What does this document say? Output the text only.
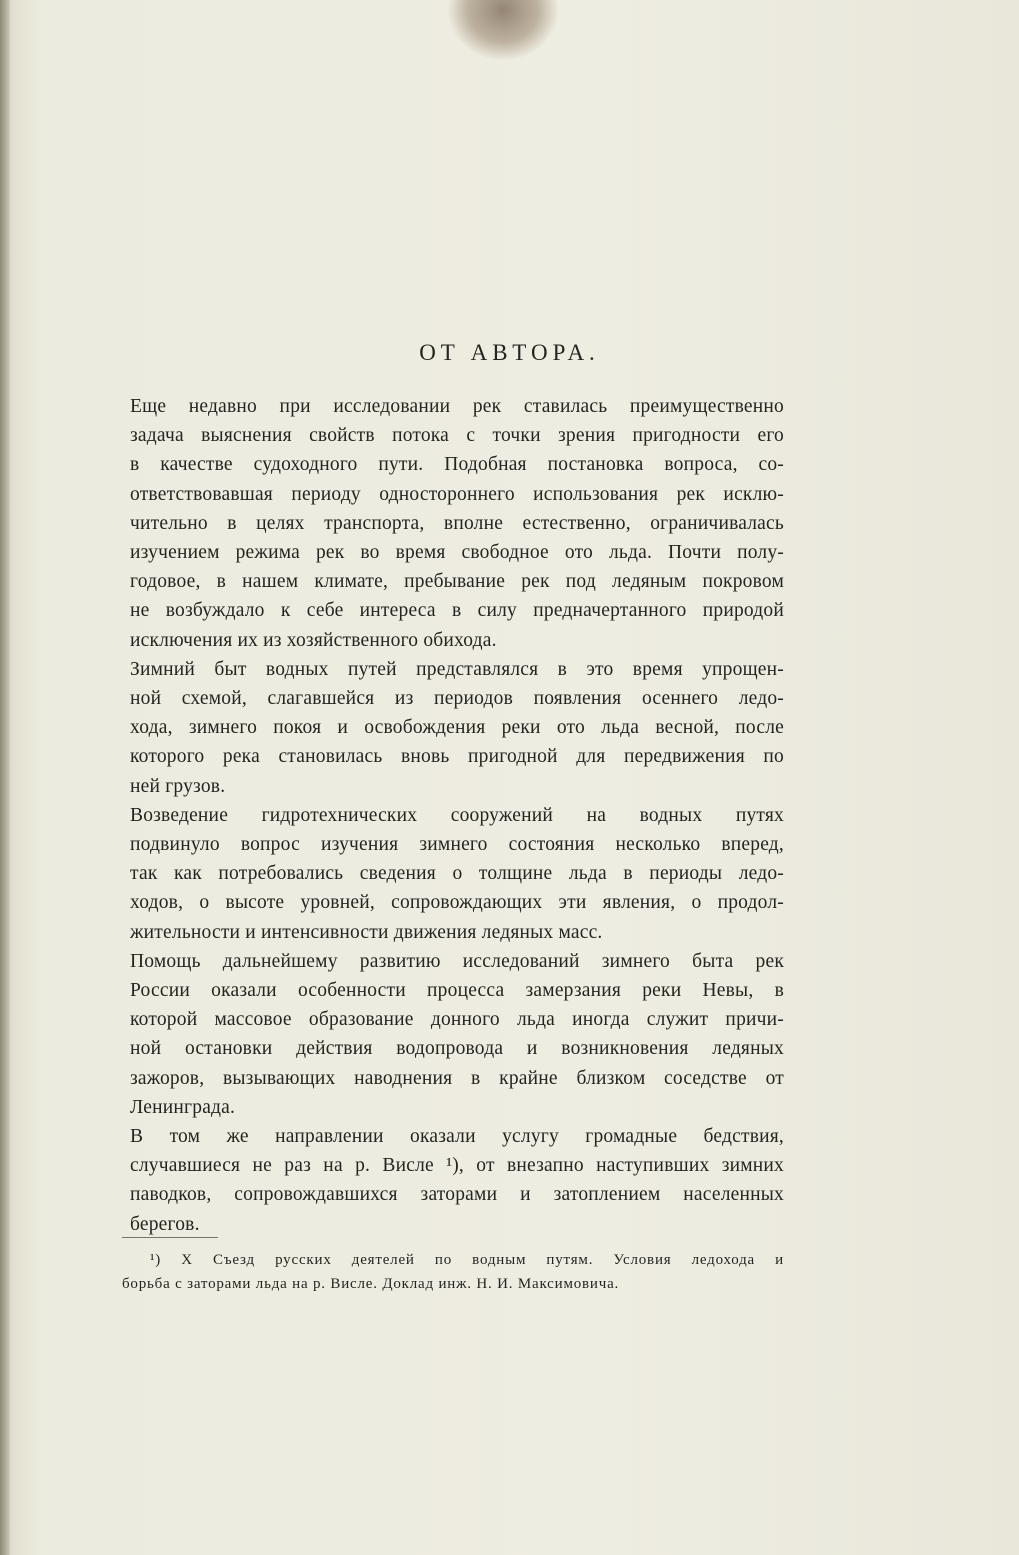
ОТ АВТОРА.

Еще недавно при исследовании рек ставилась преимущественно
задача выяснения свойств потока с точки зрения пригодности его
в качестве судоходного пути. Подобная постановка вопроса, со-
ответствовавшая периоду одностороннего использования рек исклю-
чительно в целях транспорта, вполне естественно, ограничивалась
изучением режима рек во время свободное ото льда. Почти полу-
годовое, в нашем климате, пребывание рек под ледяным покровом
не возбуждало к себе интереса в силу предначертанного природой
исключения их из хозяйственного обихода.

Зимний быт водных путей представлялся в это время упрощен-
ной схемой, слагавшейся из периодов появления осеннего ледо-
хода, зимнего покоя и освобождения реки ото льда весной, после
которого река становилась вновь пригодной для передвижения по
ней грузов.

Возведение гидротехнических сооружений на водных путях
подвинуло вопрос изучения зимнего состояния несколько вперед,
так как потребовались сведения о толщине льда в периоды ледо-
ходов, о высоте уровней, сопровождающих эти явления, о продол-
жительности и интенсивности движения ледяных масс.

Помощь дальнейшему развитию исследований зимнего быта рек
России оказали особенности процесса замерзания реки Невы, в
которой массовое образование донного льда иногда служит причи-
ной остановки действия водопровода и возникновения ледяных
зажоров, вызывающих наводнения в крайне близком соседстве от
Ленинграда.

В том же направлении оказали услугу громадные бедствия,
случавшиеся не раз на р. Висле ¹), от внезапно наступивших зимних
паводков, сопровождавшихся заторами и затоплением населенных
берегов.

¹) X Съезд русских деятелей по водным путям. Условия ледохода и
борьба с заторами льда на р. Висле. Доклад инж. Н. И. Максимовича.
